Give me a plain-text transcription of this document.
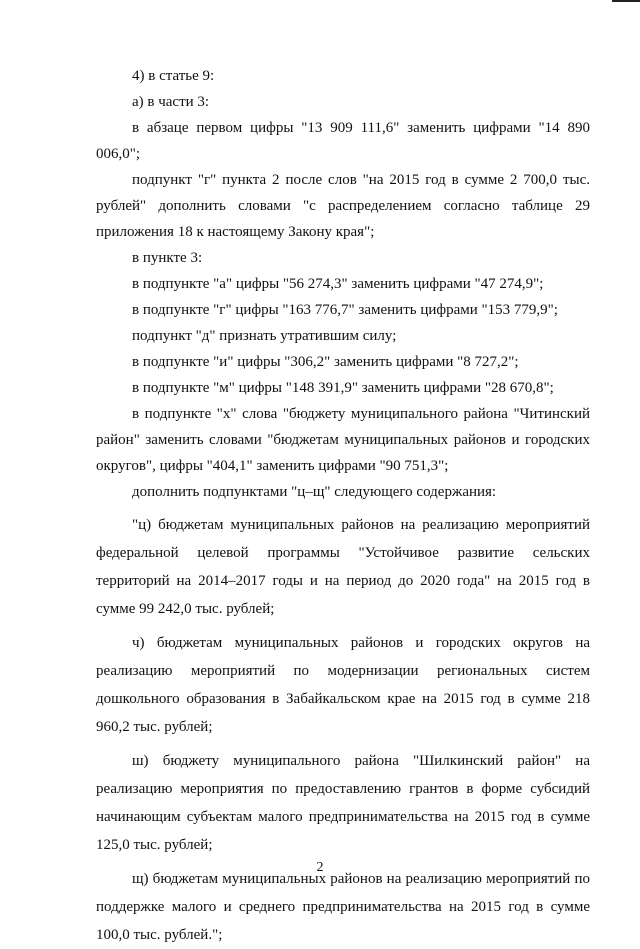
4) в статье 9:

а) в части 3:

в абзаце первом цифры "13 909 111,6" заменить цифрами "14 890 006,0";

подпункт "г" пункта 2 после слов "на 2015 год в сумме 2 700,0 тыс. рублей" дополнить словами "с распределением согласно таблице 29 приложения 18 к настоящему Закону края";

в пункте 3:

в подпункте "а" цифры "56 274,3" заменить цифрами "47 274,9";

в подпункте "г" цифры "163 776,7" заменить цифрами "153 779,9";

подпункт "д" признать утратившим силу;

в подпункте "и" цифры "306,2" заменить цифрами "8 727,2";

в подпункте "м" цифры "148 391,9" заменить цифрами "28 670,8";

в подпункте "х" слова "бюджету муниципального района "Читинский район" заменить словами "бюджетам муниципальных районов и городских округов", цифры "404,1" заменить цифрами "90 751,3";

дополнить подпунктами "ц–щ" следующего содержания:

"ц) бюджетам муниципальных районов на реализацию мероприятий федеральной целевой программы "Устойчивое развитие сельских территорий на 2014–2017 годы и на период до 2020 года" на 2015 год в сумме 99 242,0 тыс. рублей;

ч) бюджетам муниципальных районов и городских округов на реализацию мероприятий по модернизации региональных систем дошкольного образования в Забайкальском крае на 2015 год в сумме 218 960,2 тыс. рублей;

ш) бюджету муниципального района "Шилкинский район" на реализацию мероприятия по предоставлению грантов в форме субсидий начинающим субъектам малого предпринимательства на 2015 год в сумме 125,0 тыс. рублей;

щ) бюджетам муниципальных районов на реализацию мероприятий по поддержке малого и среднего предпринимательства на 2015 год в сумме 100,0 тыс. рублей.";

2
